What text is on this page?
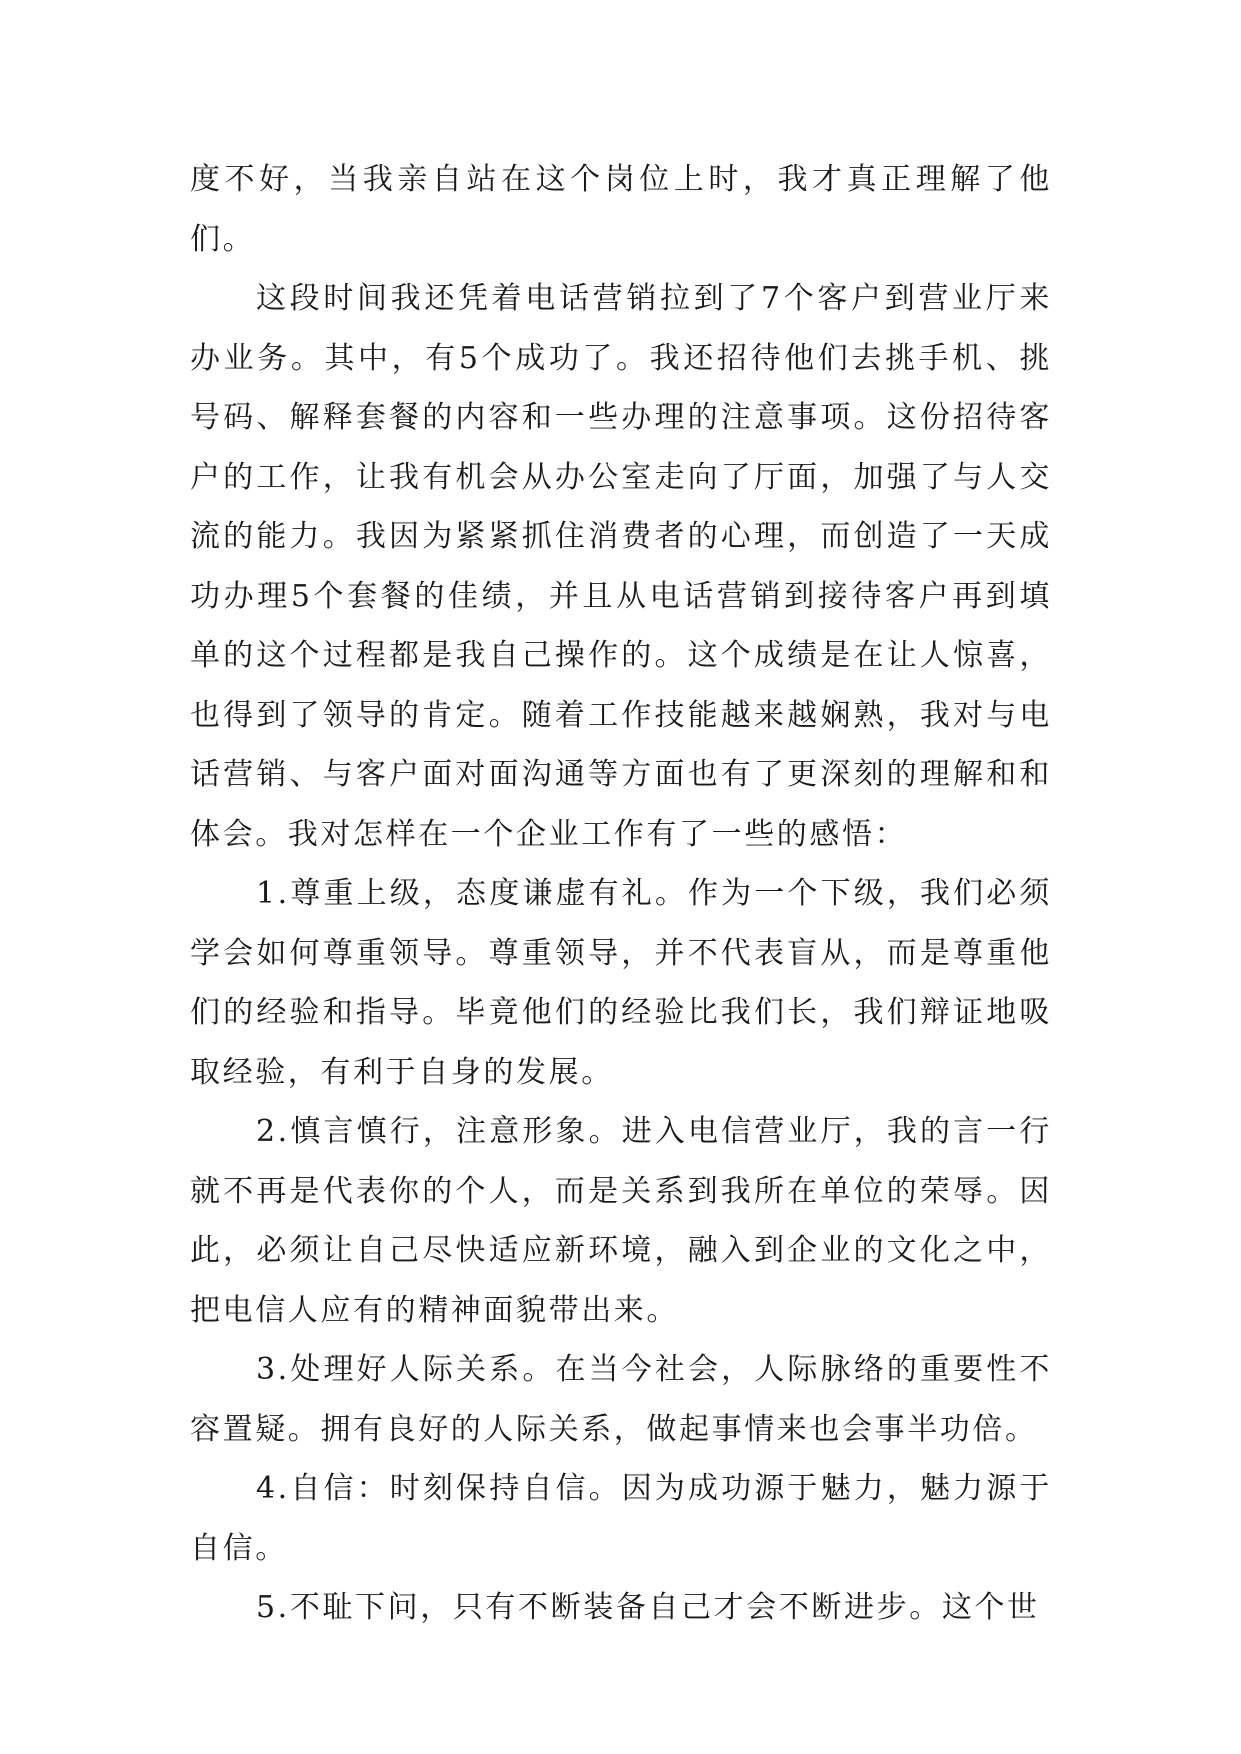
度不好，当我亲自站在这个岗位上时，我才真正理解了他们。

这段时间我还凭着电话营销拉到了7个客户到营业厅来办业务。其中，有5个成功了。我还招待他们去挑手机、挑号码、解释套餐的内容和一些办理的注意事项。这份招待客户的工作，让我有机会从办公室走向了厅面，加强了与人交流的能力。我因为紧紧抓住消费者的心理，而创造了一天成功办理5个套餐的佳绩，并且从电话营销到接待客户再到填单的这个过程都是我自己操作的。这个成绩是在让人惊喜，也得到了领导的肯定。随着工作技能越来越娴熟，我对与电话营销、与客户面对面沟通等方面也有了更深刻的理解和和体会。我对怎样在一个企业工作有了一些的感悟：

1.尊重上级，态度谦虚有礼。作为一个下级，我们必须学会如何尊重领导。尊重领导，并不代表盲从，而是尊重他们的经验和指导。毕竟他们的经验比我们长，我们辩证地吸取经验，有利于自身的发展。

2.慎言慎行，注意形象。进入电信营业厅，我的言一行就不再是代表你的个人，而是关系到我所在单位的荣辱。因此，必须让自己尽快适应新环境，融入到企业的文化之中，把电信人应有的精神面貌带出来。

3.处理好人际关系。在当今社会，人际脉络的重要性不容置疑。拥有良好的人际关系，做起事情来也会事半功倍。

4.自信：时刻保持自信。因为成功源于魅力，魅力源于自信。

5.不耻下问，只有不断装备自己才会不断进步。这个世
